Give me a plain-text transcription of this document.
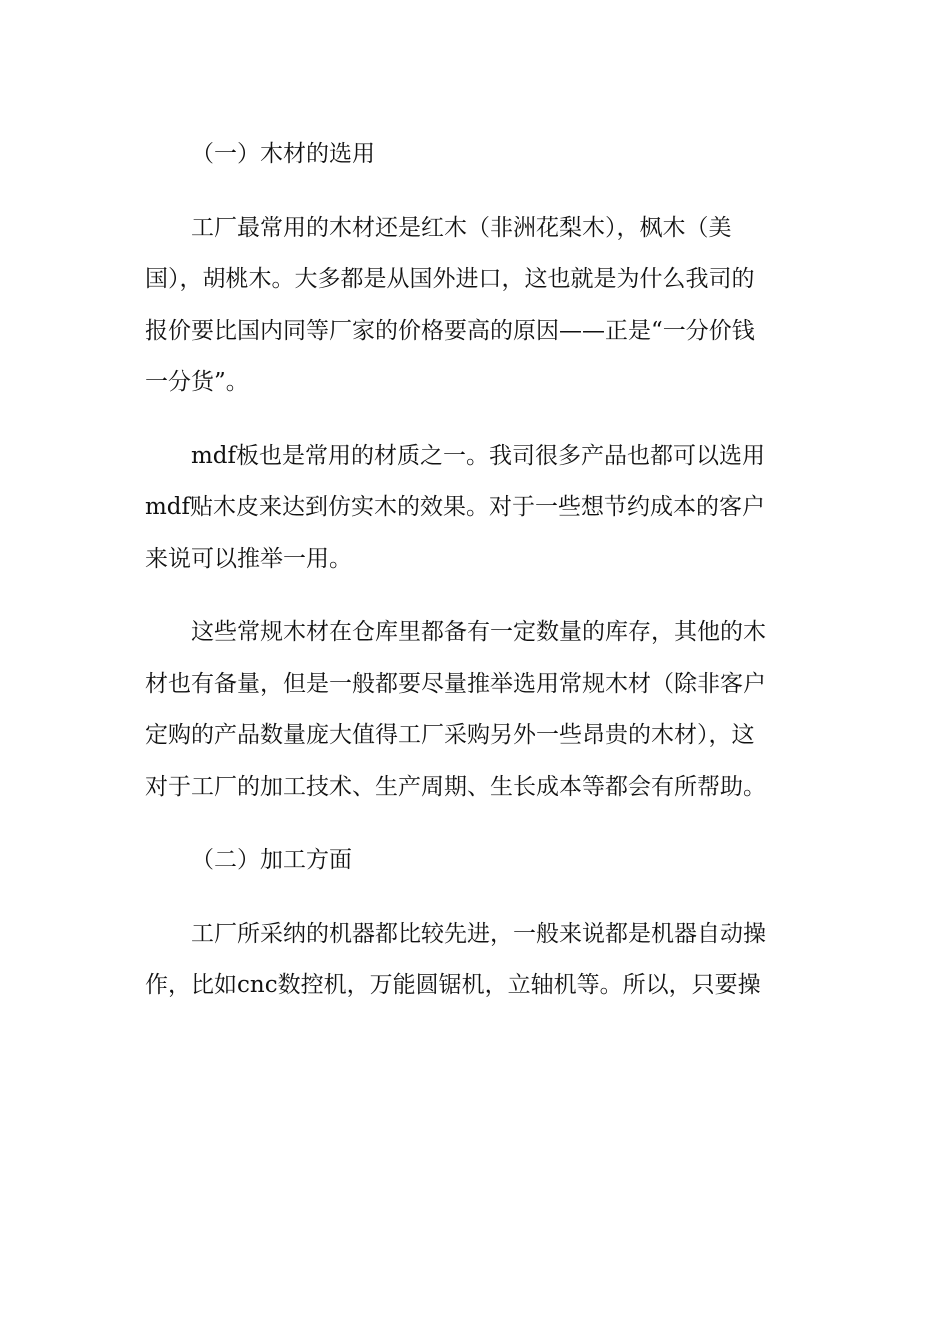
（一）木材的选用
工厂最常用的木材还是红木（非洲花梨木），枫木（美
国），胡桃木。大多都是从国外进口，这也就是为什么我司的
报价要比国内同等厂家的价格要高的原因——正是“一分价钱
一分货”。
mdf板也是常用的材质之一。我司很多产品也都可以选用
mdf贴木皮来达到仿实木的效果。对于一些想节约成本的客户
来说可以推举一用。
这些常规木材在仓库里都备有一定数量的库存，其他的木
材也有备量，但是一般都要尽量推举选用常规木材（除非客户
定购的产品数量庞大值得工厂采购另外一些昂贵的木材），这
对于工厂的加工技术、生产周期、生长成本等都会有所帮助。
（二）加工方面
工厂所采纳的机器都比较先进，一般来说都是机器自动操
作，比如cnc数控机，万能圆锯机，立轴机等。所以，只要操
